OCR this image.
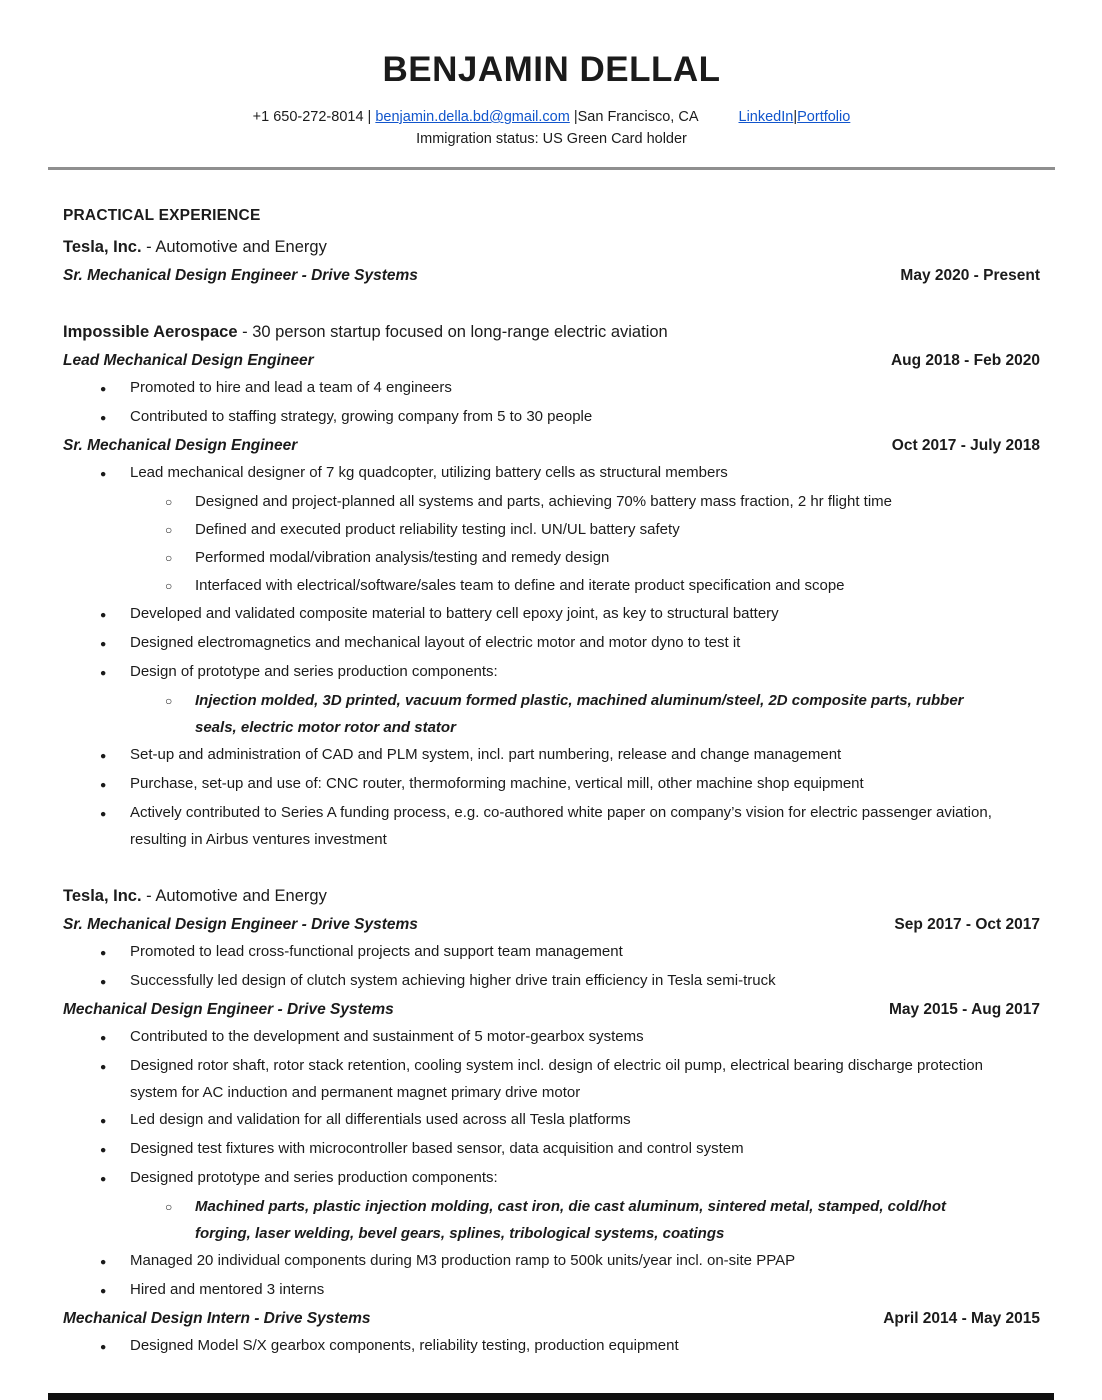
BENJAMIN DELLAL
+1 650-272-8014 | benjamin.della.bd@gmail.com |San Francisco, CA	LinkedIn|Portfolio
Immigration status: US Green Card holder
PRACTICAL EXPERIENCE
Tesla, Inc. - Automotive and Energy
Sr. Mechanical Design Engineer - Drive Systems	May 2020 - Present
Impossible Aerospace - 30 person startup focused on long-range electric aviation
Lead Mechanical Design Engineer	Aug 2018 - Feb 2020
●	Promoted to hire and lead a team of 4 engineers
●	Contributed to staffing strategy, growing company from 5 to 30 people
Sr. Mechanical Design Engineer	Oct 2017 - July 2018
●	Lead mechanical designer of 7 kg quadcopter, utilizing battery cells as structural members
○	Designed and project-planned all systems and parts, achieving 70% battery mass fraction, 2 hr flight time
○	Defined and executed product reliability testing incl. UN/UL battery safety
○	Performed modal/vibration analysis/testing and remedy design
○	Interfaced with electrical/software/sales team to define and iterate product specification and scope
●	Developed and validated composite material to battery cell epoxy joint, as key to structural battery
●	Designed electromagnetics and mechanical layout of electric motor and motor dyno to test it
●	Design of prototype and series production components:
○	Injection molded, 3D printed, vacuum formed plastic, machined aluminum/steel, 2D composite parts, rubber seals, electric motor rotor and stator
●	Set-up and administration of CAD and PLM system, incl. part numbering, release and change management
●	Purchase, set-up and use of: CNC router, thermoforming machine, vertical mill, other machine shop equipment
●	Actively contributed to Series A funding process, e.g. co-authored white paper on company’s vision for electric passenger aviation, resulting in Airbus ventures investment
Tesla, Inc. - Automotive and Energy
Sr. Mechanical Design Engineer - Drive Systems	Sep 2017 - Oct 2017
●	Promoted to lead cross-functional projects and support team management
●	Successfully led design of clutch system achieving higher drive train efficiency in Tesla semi-truck
Mechanical Design Engineer - Drive Systems	May 2015 - Aug 2017
●	Contributed to the development and sustainment of 5 motor-gearbox systems
●	Designed rotor shaft, rotor stack retention, cooling system incl. design of electric oil pump, electrical bearing discharge protection system for AC induction and permanent magnet primary drive motor
●	Led design and validation for all differentials used across all Tesla platforms
●	Designed test fixtures with microcontroller based sensor, data acquisition and control system
●	Designed prototype and series production components:
○	Machined parts, plastic injection molding, cast iron, die cast aluminum, sintered metal, stamped, cold/hot forging, laser welding, bevel gears, splines, tribological systems, coatings
●	Managed 20 individual components during M3 production ramp to 500k units/year incl. on-site PPAP
●	Hired and mentored 3 interns
Mechanical Design Intern - Drive Systems	April 2014 - May 2015
●	Designed Model S/X gearbox components, reliability testing, production equipment
